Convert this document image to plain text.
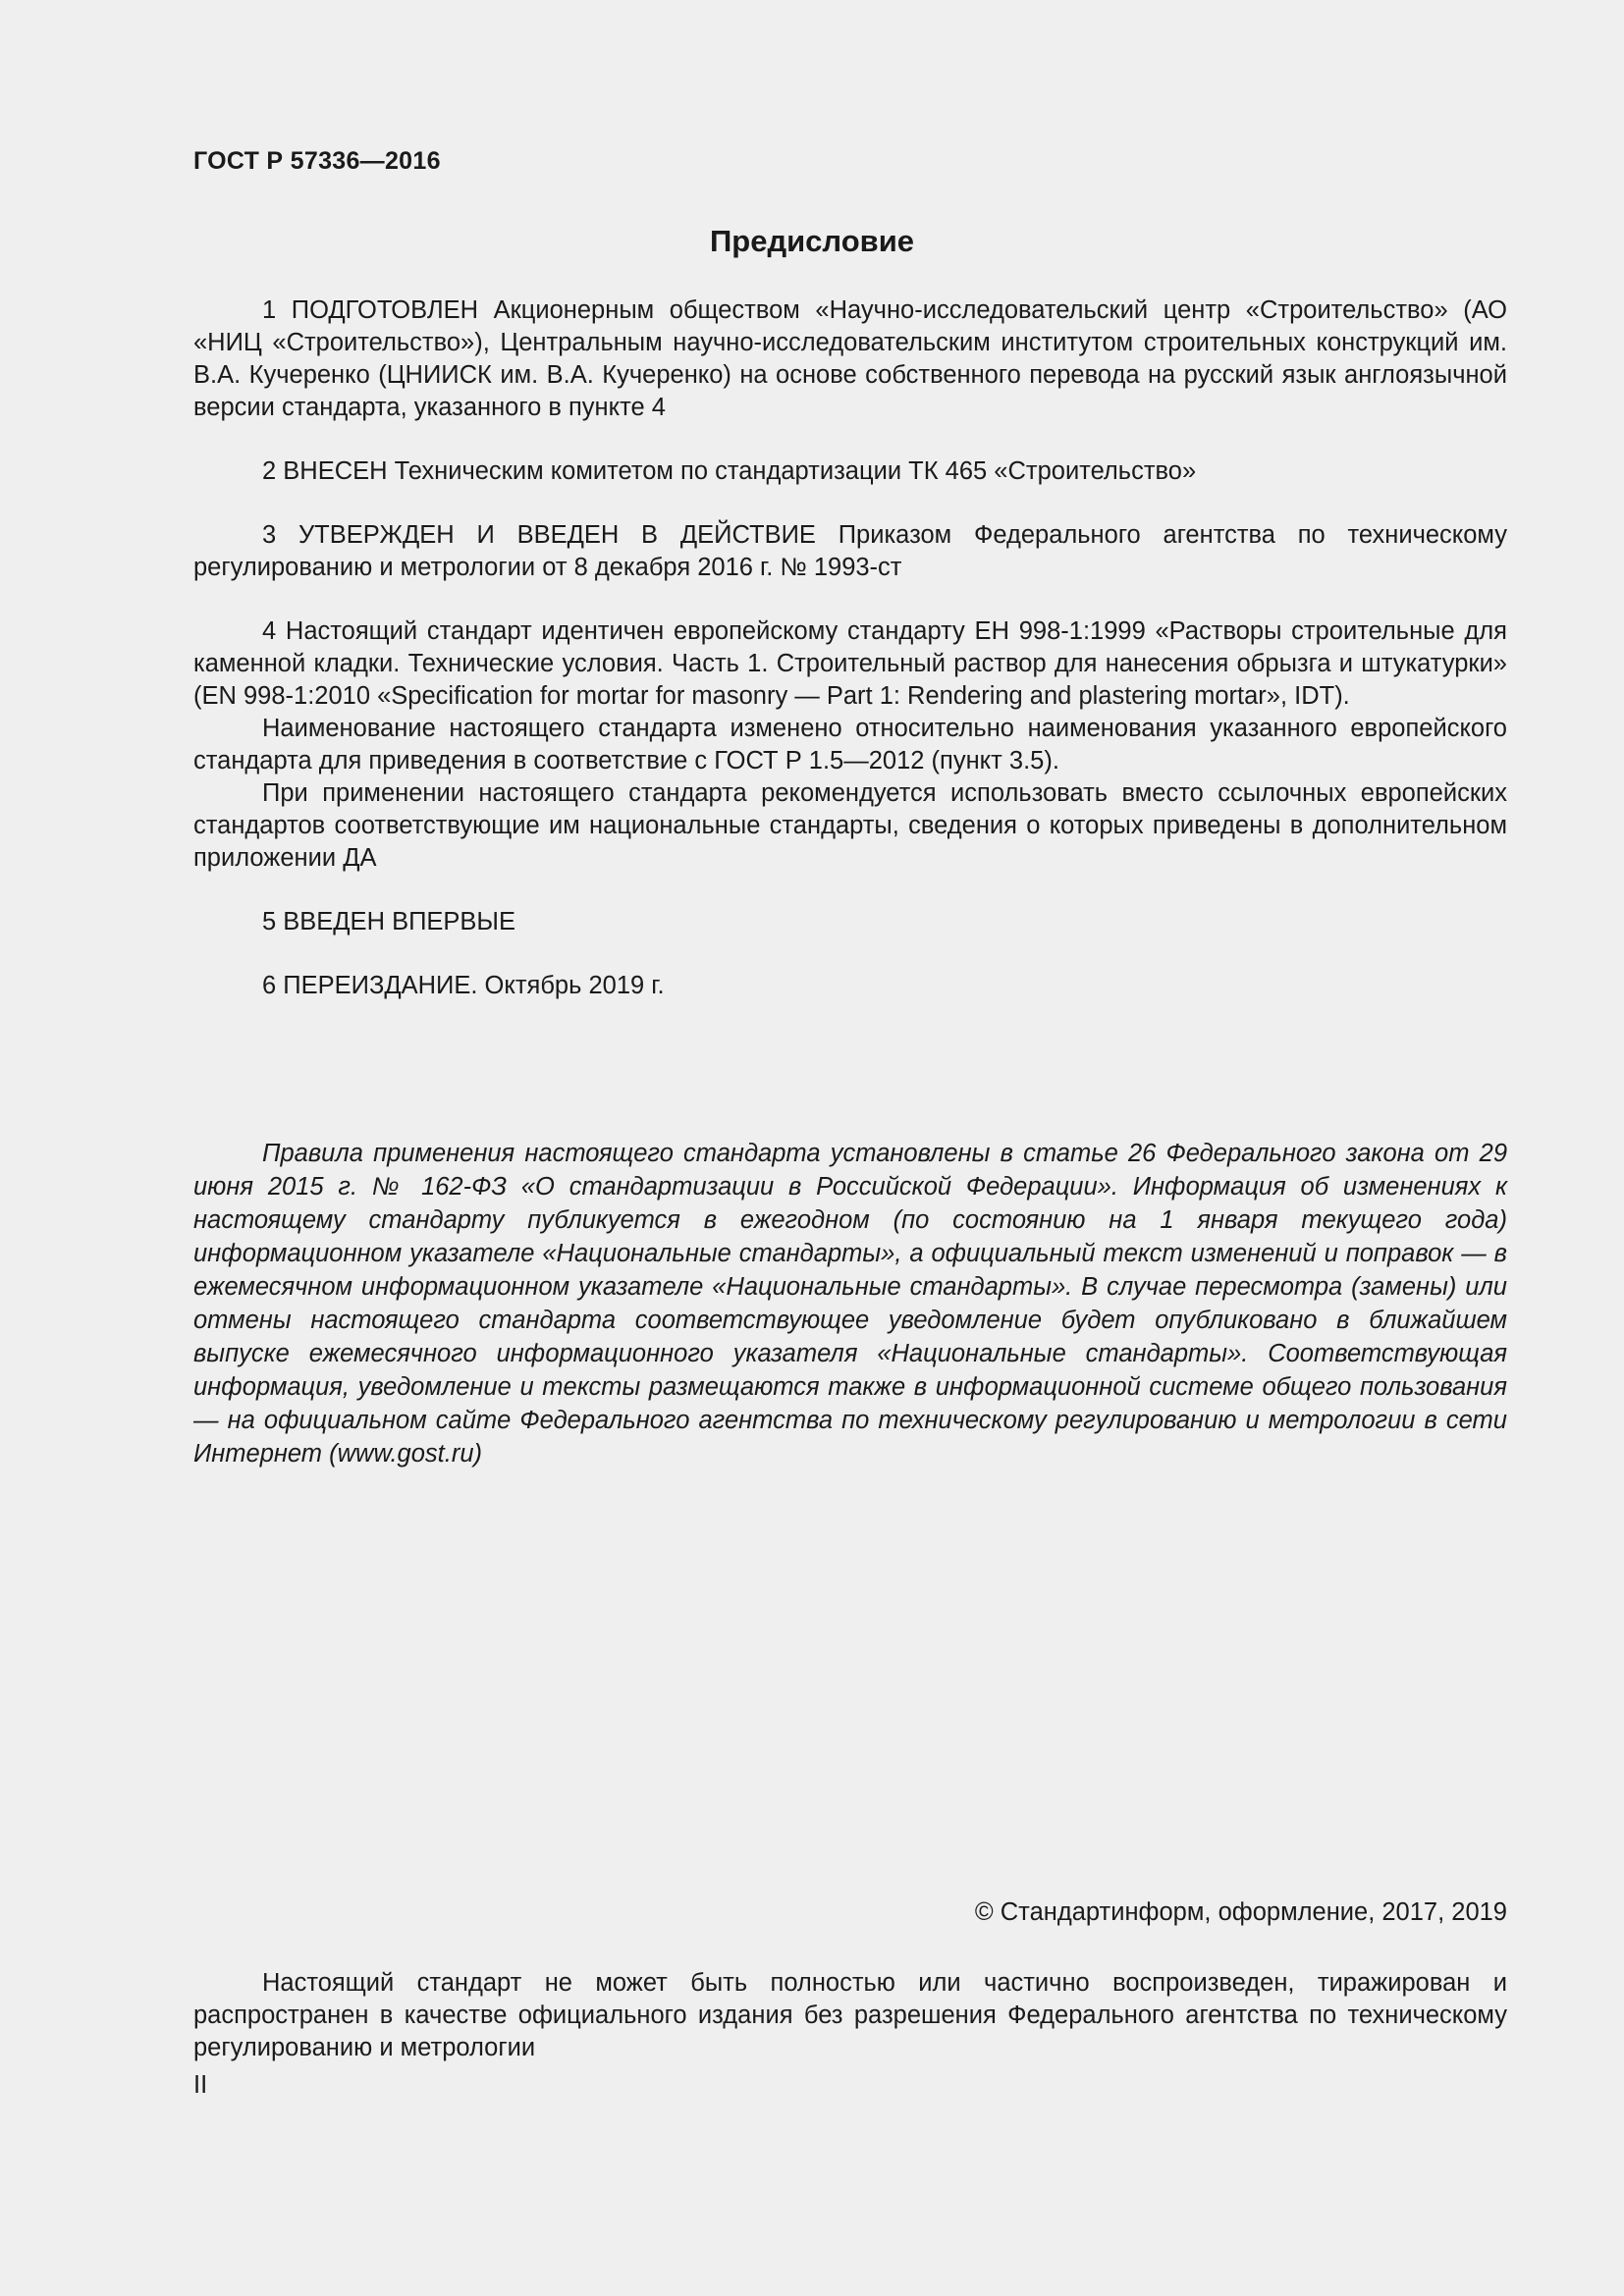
ГОСТ Р 57336—2016
Предисловие

1 ПОДГОТОВЛЕН Акционерным обществом «Научно-исследовательский центр «Строительство» (АО «НИЦ «Строительство»), Центральным научно-исследовательским институтом строительных конструкций им. В.А. Кучеренко (ЦНИИСК им. В.А. Кучеренко) на основе собственного перевода на русский язык англоязычной версии стандарта, указанного в пункте 4

2 ВНЕСЕН Техническим комитетом по стандартизации ТК 465 «Строительство»

3 УТВЕРЖДЕН И ВВЕДЕН В ДЕЙСТВИЕ Приказом Федерального агентства по техническому регулированию и метрологии от 8 декабря 2016 г. № 1993-ст

4 Настоящий стандарт идентичен европейскому стандарту ЕН 998-1:1999 «Растворы строительные для каменной кладки. Технические условия. Часть 1. Строительный раствор для нанесения обрызга и штукатурки» (EN 998-1:2010 «Specification for mortar for masonry — Part 1: Rendering and plastering mortar», IDT).

Наименование настоящего стандарта изменено относительно наименования указанного европейского стандарта для приведения в соответствие с ГОСТ Р 1.5—2012 (пункт 3.5).

При применении настоящего стандарта рекомендуется использовать вместо ссылочных европейских стандартов соответствующие им национальные стандарты, сведения о которых приведены в дополнительном приложении ДА

5 ВВЕДЕН ВПЕРВЫЕ

6 ПЕРЕИЗДАНИЕ. Октябрь 2019 г.

Правила применения настоящего стандарта установлены в статье 26 Федерального закона от 29 июня 2015 г. № 162-ФЗ «О стандартизации в Российской Федерации». Информация об изменениях к настоящему стандарту публикуется в ежегодном (по состоянию на 1 января текущего года) информационном указателе «Национальные стандарты», а официальный текст изменений и поправок — в ежемесячном информационном указателе «Национальные стандарты». В случае пересмотра (замены) или отмены настоящего стандарта соответствующее уведомление будет опубликовано в ближайшем выпуске ежемесячного информационного указателя «Национальные стандарты». Соответствующая информация, уведомление и тексты размещаются также в информационной системе общего пользования — на официальном сайте Федерального агентства по техническому регулированию и метрологии в сети Интернет (www.gost.ru)

© Стандартинформ, оформление, 2017, 2019

Настоящий стандарт не может быть полностью или частично воспроизведен, тиражирован и распространен в качестве официального издания без разрешения Федерального агентства по техническому регулированию и метрологии

II
